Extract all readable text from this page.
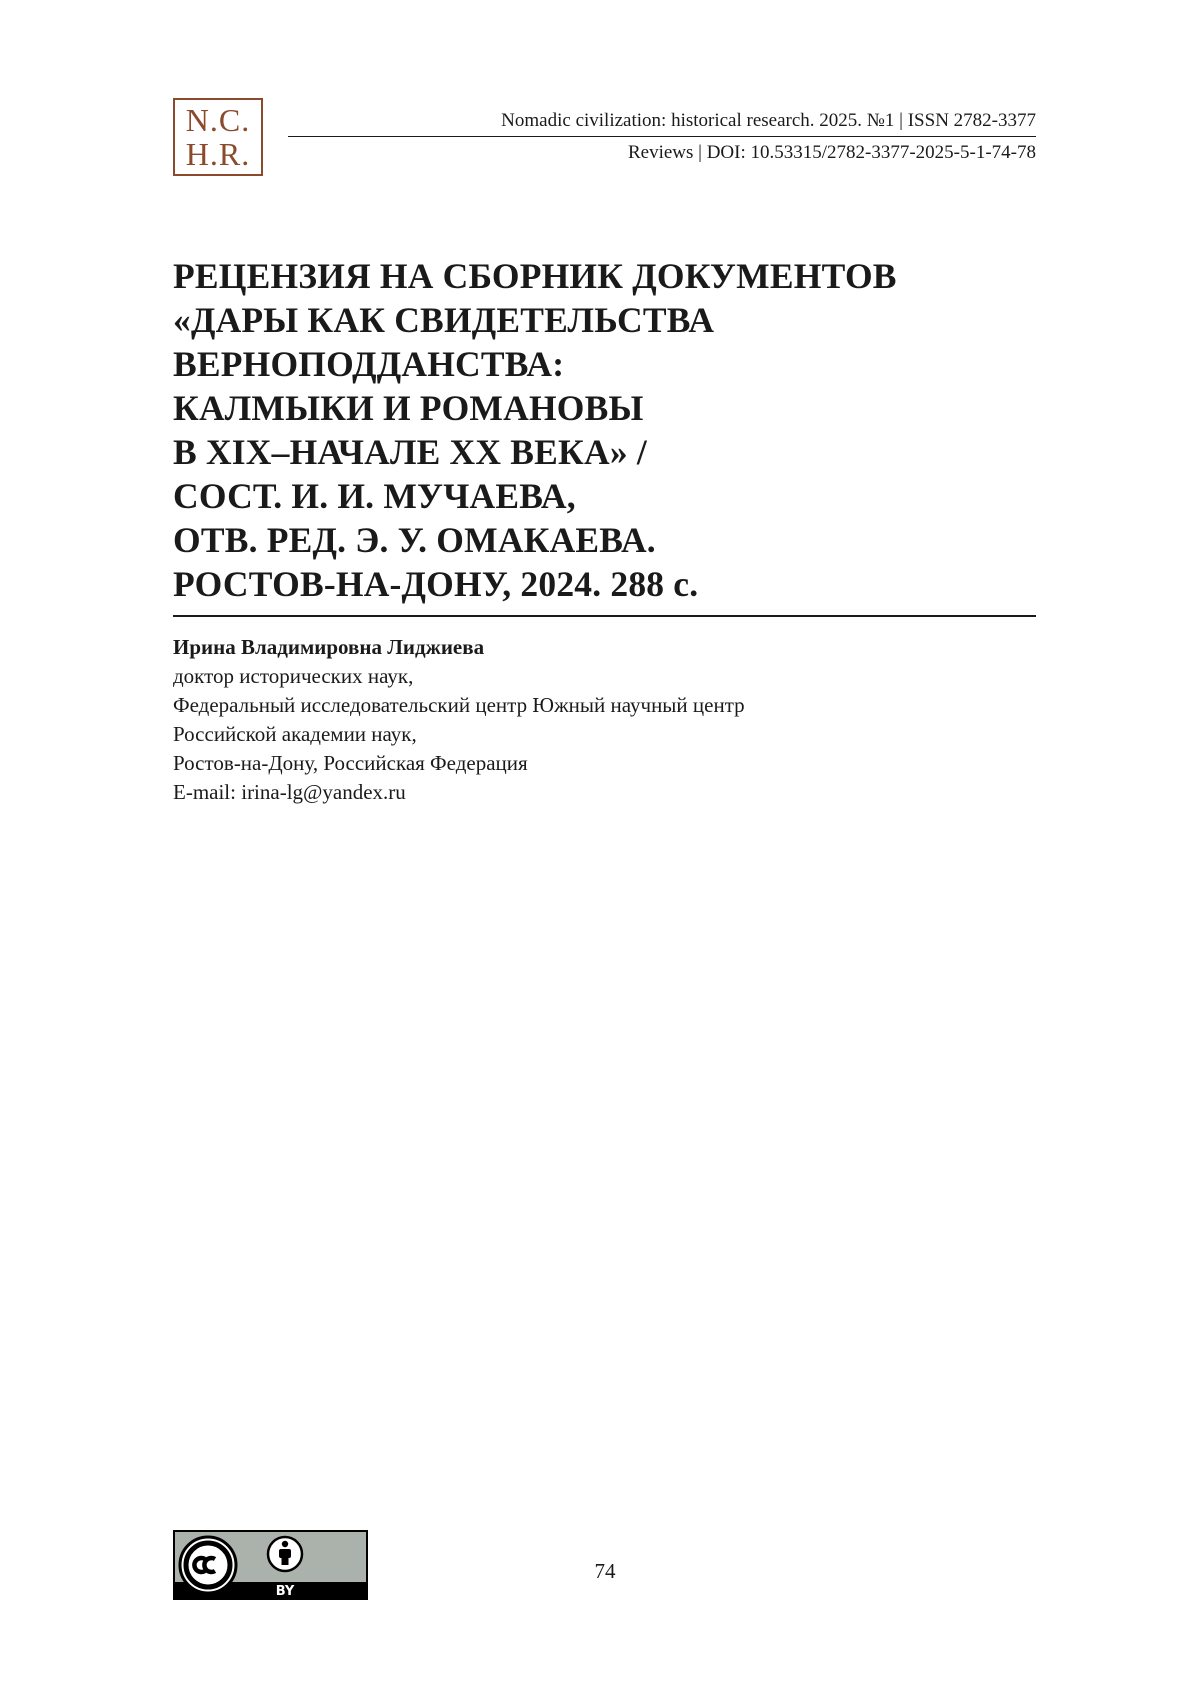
N.C.
H.R.
Nomadic civilization: historical research. 2025. №1 | ISSN 2782-3377
Reviews | DOI: 10.53315/2782-3377-2025-5-1-74-78
РЕЦЕНЗИЯ НА СБОРНИК ДОКУМЕНТОВ
«ДАРЫ КАК СВИДЕТЕЛЬСТВА
ВЕРНОПОДДАНСТВА:
КАЛМЫКИ И РОМАНОВЫ
В XIX–НАЧАЛЕ XX ВЕКА» /
СОСТ. И. И. МУЧАЕВА,
ОТВ. РЕД. Э. У. ОМАКАЕВА.
РОСТОВ-НА-ДОНУ, 2024. 288 с.
Ирина Владимировна Лиджиева
доктор исторических наук,
Федеральный исследовательский центр Южный научный центр
Российской академии наук,
Ростов-на-Дону, Российская Федерация
E-mail: irina-lg@yandex.ru
BY
74
